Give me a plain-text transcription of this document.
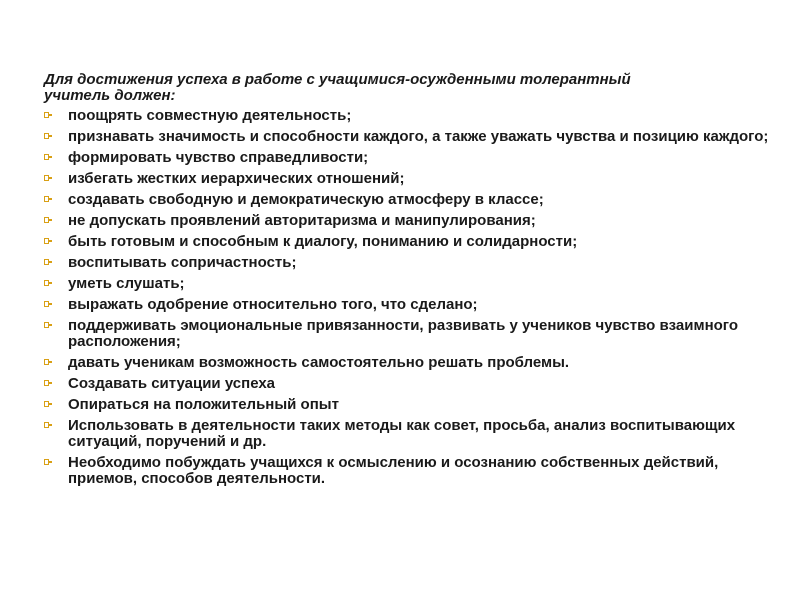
Для достижения успеха в работе с учащимися-осужденными толерантный учитель должен:

поощрять совместную деятельность;
признавать значимость и способности каждого, а также уважать чувства и позицию каждого;
формировать чувство справедливости;
избегать жестких иерархических отношений;
создавать свободную и демократическую атмосферу в классе;
не допускать проявлений авторитаризма и манипулирования;
быть готовым и способным к диалогу, пониманию и солидарности;
воспитывать сопричастность;
уметь слушать;
выражать одобрение относительно того, что сделано;
поддерживать эмоциональные привязанности, развивать у учеников чувство взаимного расположения;
давать ученикам возможность самостоятельно решать проблемы.
Создавать ситуации успеха
Опираться на положительный опыт
Использовать в деятельности таких методы как совет, просьба, анализ воспитывающих ситуаций, поручений и др.
Необходимо побуждать учащихся к осмыслению и осознанию собственных действий, приемов, способов деятельности.
